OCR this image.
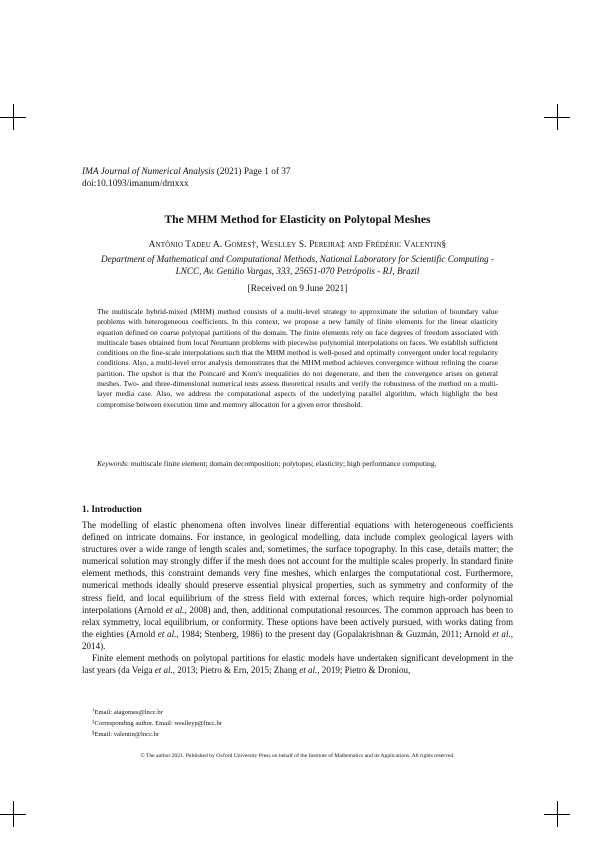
IMA Journal of Numerical Analysis (2021) Page 1 of 37
doi:10.1093/imanum/drnxxx
The MHM Method for Elasticity on Polytopal Meshes
Antônio Tadeu A. Gomes†, Weslley S. Pereira‡ and Frédéric Valentin§
Department of Mathematical and Computational Methods, National Laboratory for Scientific Computing - LNCC, Av. Getúlio Vargas, 333, 25651-070 Petrópolis - RJ, Brazil
[Received on 9 June 2021]
The multiscale hybrid-mixed (MHM) method consists of a multi-level strategy to approximate the solution of boundary value problems with heterogeneous coefficients. In this context, we propose a new family of finite elements for the linear elasticity equation defined on coarse polytopal partitions of the domain. The finite elements rely on face degrees of freedom associated with multiscale bases obtained from local Neumann problems with piecewise polynomial interpolations on faces. We establish sufficient conditions on the fine-scale interpolations such that the MHM method is well-posed and optimally convergent under local regularity conditions. Also, a multi-level error analysis demonstrates that the MHM method achieves convergence without refining the coarse partition. The upshot is that the Poincaré and Korn's inequalities do not degenerate, and then the convergence arises on general meshes. Two- and three-dimensional numerical tests assess theoretical results and verify the robustness of the method on a multi-layer media case. Also, we address the computational aspects of the underlying parallel algorithm, which highlight the best compromise between execution time and memory allocation for a given error threshold.
Keywords: multiscale finite element; domain decomposition; polytopes; elasticity; high performance computing.
1. Introduction

The modelling of elastic phenomena often involves linear differential equations with heterogeneous coefficients defined on intricate domains. For instance, in geological modelling, data include complex geological layers with structures over a wide range of length scales and, sometimes, the surface topography. In this case, details matter; the numerical solution may strongly differ if the mesh does not account for the multiple scales properly. In standard finite element methods, this constraint demands very fine meshes, which enlarges the computational cost. Furthermore, numerical methods ideally should preserve essential physical properties, such as symmetry and conformity of the stress field, and local equilibrium of the stress field with external forces, which require high-order polynomial interpolations (Arnold et al., 2008) and, then, additional computational resources. The common approach has been to relax symmetry, local equilibrium, or conformity. These options have been actively pursued, with works dating from the eighties (Arnold et al., 1984; Stenberg, 1986) to the present day (Gopalakrishnan & Guzmán, 2011; Arnold et al., 2014).

Finite element methods on polytopal partitions for elastic models have undertaken significant development in the last years (da Veiga et al., 2013; Pietro & Ern, 2015; Zhang et al., 2019; Pietro & Droniou,

†Email: atagomes@lncc.br
‡Corresponding author. Email: weslleyp@lncc.br
§Email: valentin@lncc.br
© The author 2021. Published by Oxford University Press on behalf of the Institute of Mathematics and its Applications. All rights reserved.
